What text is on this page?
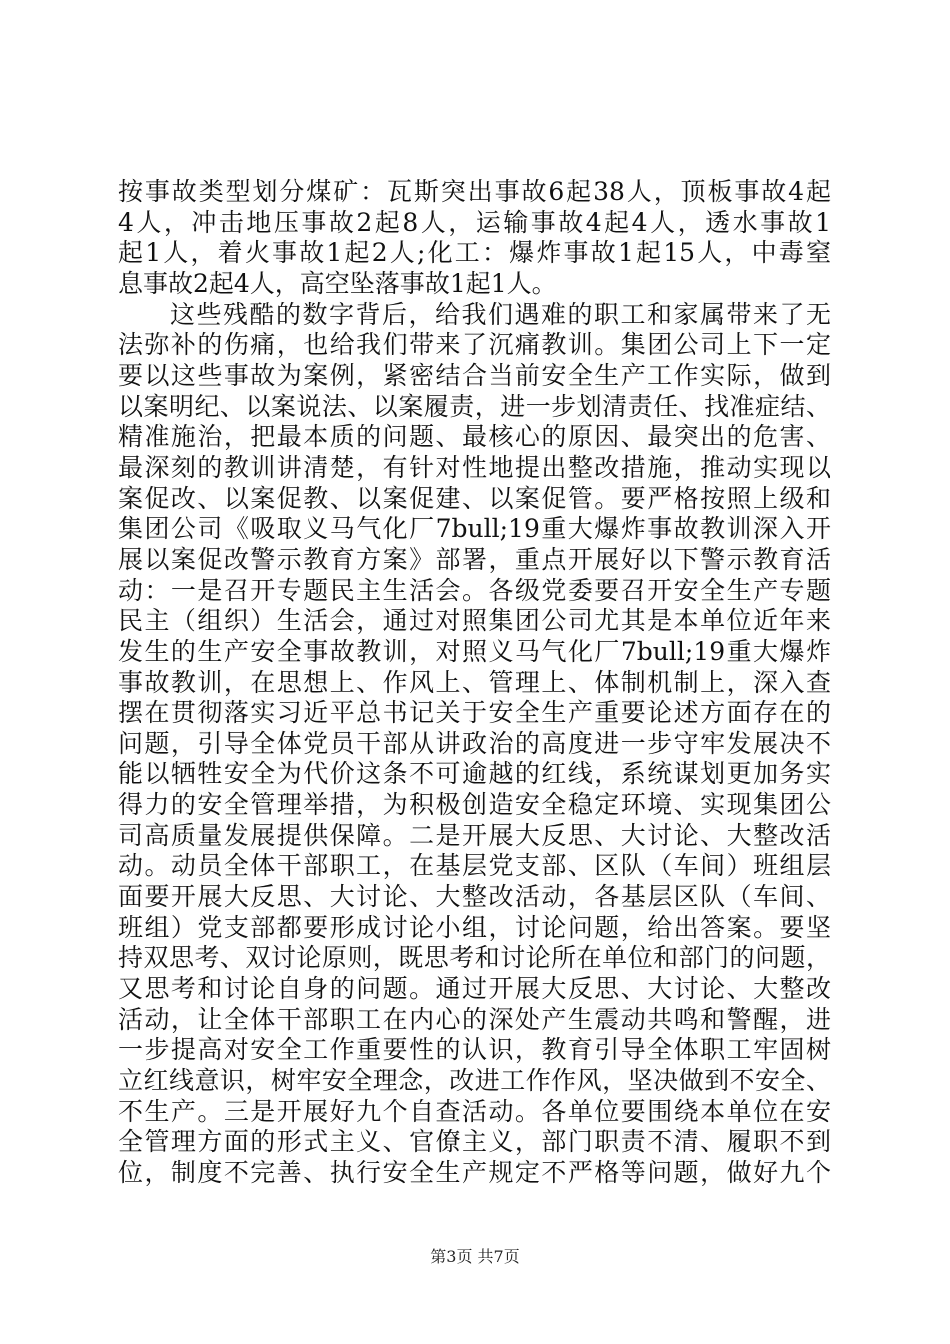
按事故类型划分煤矿：瓦斯突出事故6起38人，顶板事故4起
4人，冲击地压事故2起8人，运输事故4起4人，透水事故1
起1人，着火事故1起2人;化工：爆炸事故1起15人，中毒窒
息事故2起4人，高空坠落事故1起1人。
这些残酷的数字背后，给我们遇难的职工和家属带来了无
法弥补的伤痛，也给我们带来了沉痛教训。集团公司上下一定
要以这些事故为案例，紧密结合当前安全生产工作实际，做到
以案明纪、以案说法、以案履责，进一步划清责任、找准症结、
精准施治，把最本质的问题、最核心的原因、最突出的危害、
最深刻的教训讲清楚，有针对性地提出整改措施，推动实现以
案促改、以案促教、以案促建、以案促管。要严格按照上级和
集团公司《吸取义马气化厂7bull;19重大爆炸事故教训深入开
展以案促改警示教育方案》部署，重点开展好以下警示教育活
动：一是召开专题民主生活会。各级党委要召开安全生产专题
民主（组织）生活会，通过对照集团公司尤其是本单位近年来
发生的生产安全事故教训，对照义马气化厂7bull;19重大爆炸
事故教训，在思想上、作风上、管理上、体制机制上，深入查
摆在贯彻落实习近平总书记关于安全生产重要论述方面存在的
问题，引导全体党员干部从讲政治的高度进一步守牢发展决不
能以牺牲安全为代价这条不可逾越的红线，系统谋划更加务实
得力的安全管理举措，为积极创造安全稳定环境、实现集团公
司高质量发展提供保障。二是开展大反思、大讨论、大整改活
动。动员全体干部职工，在基层党支部、区队（车间）班组层
面要开展大反思、大讨论、大整改活动，各基层区队（车间、
班组）党支部都要形成讨论小组，讨论问题，给出答案。要坚
持双思考、双讨论原则，既思考和讨论所在单位和部门的问题，
又思考和讨论自身的问题。通过开展大反思、大讨论、大整改
活动，让全体干部职工在内心的深处产生震动共鸣和警醒，进
一步提高对安全工作重要性的认识，教育引导全体职工牢固树
立红线意识，树牢安全理念，改进工作作风，坚决做到不安全、
不生产。三是开展好九个自查活动。各单位要围绕本单位在安
全管理方面的形式主义、官僚主义，部门职责不清、履职不到
位，制度不完善、执行安全生产规定不严格等问题，做好九个
第3页 共7页
